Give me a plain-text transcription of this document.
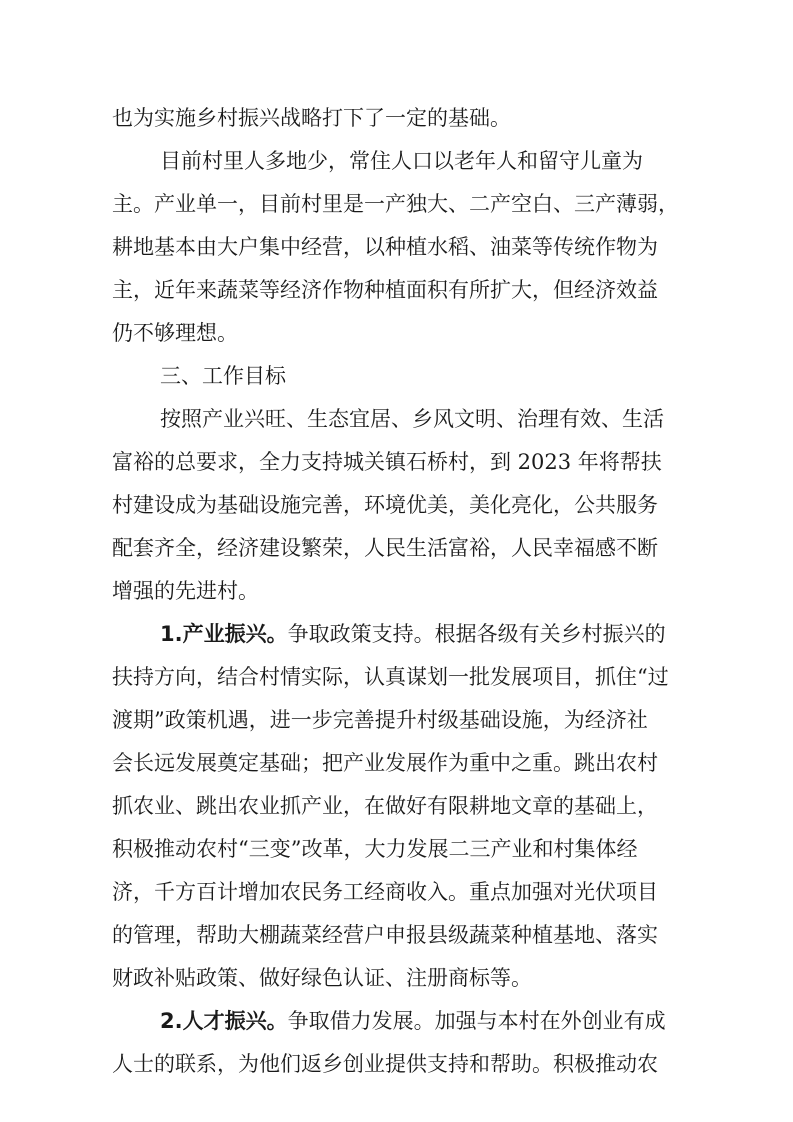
也为实施乡村振兴战略打下了一定的基础。
目前村里人多地少，常住人口以老年人和留守儿童为
主。产业单一，目前村里是一产独大、二产空白、三产薄弱，
耕地基本由大户集中经营，以种植水稻、油菜等传统作物为
主，近年来蔬菜等经济作物种植面积有所扩大，但经济效益
仍不够理想。
三、工作目标
按照产业兴旺、生态宜居、乡风文明、治理有效、生活
富裕的总要求，全力支持城关镇石桥村，到 2023 年将帮扶
村建设成为基础设施完善，环境优美，美化亮化，公共服务
配套齐全，经济建设繁荣，人民生活富裕，人民幸福感不断
增强的先进村。
1.产业振兴。争取政策支持。根据各级有关乡村振兴的
扶持方向，结合村情实际，认真谋划一批发展项目，抓住“过
渡期”政策机遇，进一步完善提升村级基础设施，为经济社
会长远发展奠定基础；把产业发展作为重中之重。跳出农村
抓农业、跳出农业抓产业，在做好有限耕地文章的基础上，
积极推动农村“三变”改革，大力发展二三产业和村集体经
济，千方百计增加农民务工经商收入。重点加强对光伏项目
的管理，帮助大棚蔬菜经营户申报县级蔬菜种植基地、落实
财政补贴政策、做好绿色认证、注册商标等。
2.人才振兴。争取借力发展。加强与本村在外创业有成
人士的联系，为他们返乡创业提供支持和帮助。积极推动农
